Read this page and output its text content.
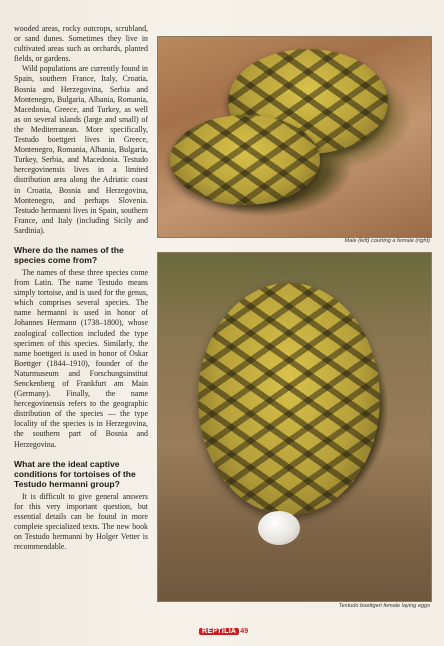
wooded areas, rocky outcrops, scrubland, or sand dunes. Sometimes they live in cultivated areas such as orchards, planted fields, or gardens.

Wild populations are currently found in Spain, southern France, Italy, Croatia, Bosnia and Herzegovina, Serbia and Montenegro, Bulgaria, Albania, Romania, Macedonia, Greece, and Turkey, as well as on several islands (large and small) of the Mediterranean. More specifically, Testudo boettgeri lives in Greece, Montenegro, Romania, Albania, Bulgaria, Turkey, Serbia, and Macedonia. Testudo hercegovinensis lives in a limited distribution area along the Adriatic coast in Croatia, Bosnia and Herzegovina, Montenegro, and perhaps Slovenia. Testudo hermanni lives in Spain, southern France, and Italy (including Sicily and Sardinia).

Where do the names of the species come from?

The names of these three species come from Latin. The name Testudo means simply tortoise, and is used for the genus, which comprises several species. The name hermanni is used in honor of Johannes Hermann (1738–1800), whose zoological collection included the type specimen of this species. Similarly, the name boettgeri is used in honor of Oskar Boettger (1844–1910), founder of the Naturmuseum and Forschungsinstitut Senckenberg of Frankfurt am Main (Germany). Finally, the name hercegovinensis refers to the geographic distribution of the species — the type locality of the species is in Herzegovina, the southern part of Bosnia and Herzegovina.

What are the ideal captive conditions for tortoises of the Testudo hermanni group?

It is difficult to give general answers for this very important question, but essential details can be found in more complete specialized texts. The new book on Testudo hermanni by Holger Vetter is recommendable.

Male (left) courting a female (right)
Testudo boettgeri female laying eggs
REPTILIA 49
